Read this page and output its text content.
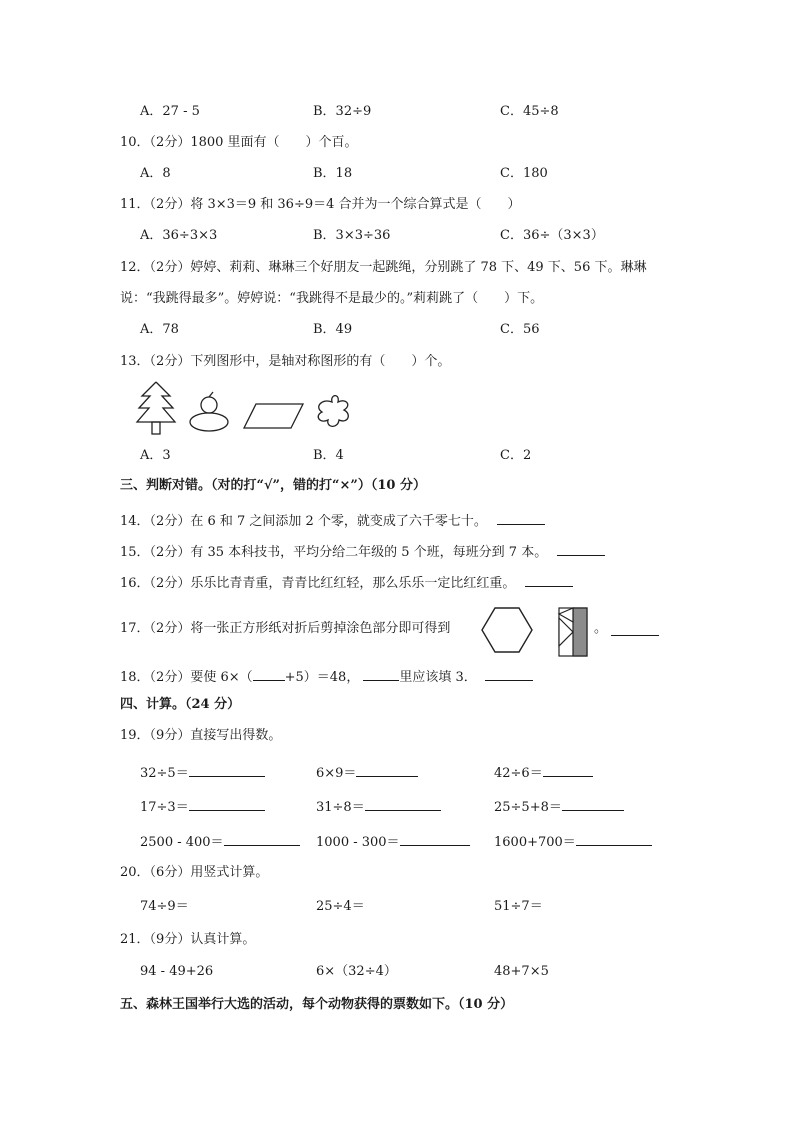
A．27 - 5	B．32÷9	C．45÷8
10．（2分）1800 里面有（　　）个百。
A．8	B．18	C．180
11．（2分）将 3×3＝9 和 36÷9＝4 合并为一个综合算式是（　　）
A．36÷3×3	B．3×3÷36	C．36÷（3×3）
12．（2分）婷婷、莉莉、琳琳三个好朋友一起跳绳，分别跳了 78 下、49 下、56 下。琳琳
说：“我跳得最多”。婷婷说：“我跳得不是最少的。”莉莉跳了（　　）下。
A．78	B．49	C．56
13．（2分）下列图形中，是轴对称图形的有（　　）个。
A．3	B．4	C．2
三、判断对错。（对的打“√”，错的打“×”）（10 分）
14．（2分）在 6 和 7 之间添加 2 个零，就变成了六千零七十。
15．（2分）有 35 本科技书，平均分给二年级的 5 个班，每班分到 7 本。
16．（2分）乐乐比青青重，青青比红红轻，那么乐乐一定比红红重。
17．（2分）将一张正方形纸对折后剪掉涂色部分即可得到	。
18．（2分）要使 6×（ +5）＝48，	里应该填 3．
四、计算。（24 分）
19．（9分）直接写出得数。
32÷5＝	6×9＝	42÷6＝
17÷3＝	31÷8＝	25÷5+8＝
2500 - 400＝	1000 - 300＝	1600+700＝
20．（6分）用竖式计算。
74÷9＝	25÷4＝	51÷7＝
21．（9分）认真计算。
94 - 49+26	6×（32÷4）	48+7×5
五、森林王国举行大选的活动，每个动物获得的票数如下。（10 分）
